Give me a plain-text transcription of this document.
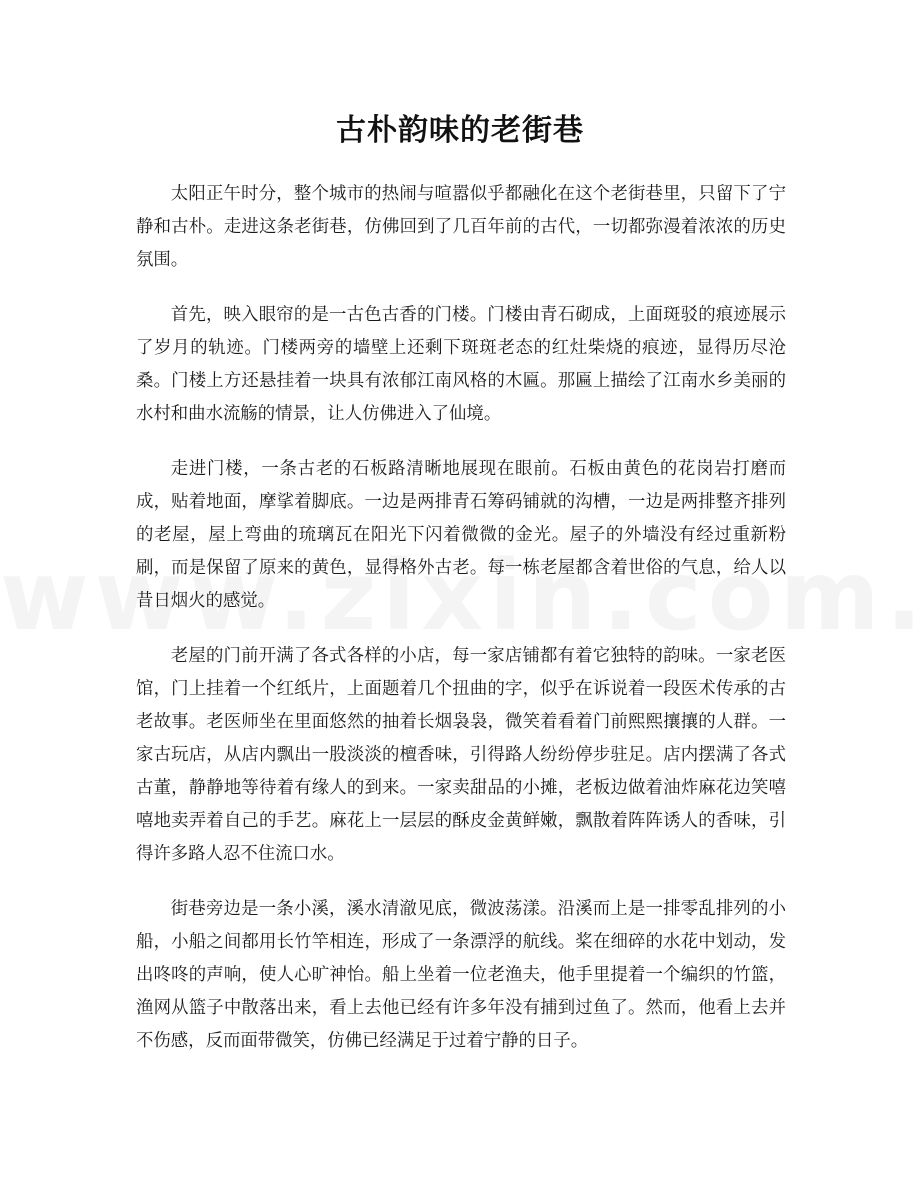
古朴韵味的老街巷

太阳正午时分，整个城市的热闹与喧嚣似乎都融化在这个老街巷里，只留下了宁静和古朴。走进这条老街巷，仿佛回到了几百年前的古代，一切都弥漫着浓浓的历史氛围。

首先，映入眼帘的是一古色古香的门楼。门楼由青石砌成，上面斑驳的痕迹展示了岁月的轨迹。门楼两旁的墙壁上还剩下斑斑老态的红灶柴烧的痕迹，显得历尽沧桑。门楼上方还悬挂着一块具有浓郁江南风格的木匾。那匾上描绘了江南水乡美丽的水村和曲水流觞的情景，让人仿佛进入了仙境。

走进门楼，一条古老的石板路清晰地展现在眼前。石板由黄色的花岗岩打磨而成，贴着地面，摩挲着脚底。一边是两排青石筹码铺就的沟槽，一边是两排整齐排列的老屋，屋上弯曲的琉璃瓦在阳光下闪着微微的金光。屋子的外墙没有经过重新粉刷，而是保留了原来的黄色，显得格外古老。每一栋老屋都含着世俗的气息，给人以昔日烟火的感觉。

老屋的门前开满了各式各样的小店，每一家店铺都有着它独特的韵味。一家老医馆，门上挂着一个红纸片，上面题着几个扭曲的字，似乎在诉说着一段医术传承的古老故事。老医师坐在里面悠然的抽着长烟袅袅，微笑着看着门前熙熙攘攘的人群。一家古玩店，从店内飘出一股淡淡的檀香味，引得路人纷纷停步驻足。店内摆满了各式古董，静静地等待着有缘人的到来。一家卖甜品的小摊，老板边做着油炸麻花边笑嘻嘻地卖弄着自己的手艺。麻花上一层层的酥皮金黄鲜嫩，飘散着阵阵诱人的香味，引得许多路人忍不住流口水。

街巷旁边是一条小溪，溪水清澈见底，微波荡漾。沿溪而上是一排零乱排列的小船，小船之间都用长竹竿相连，形成了一条漂浮的航线。桨在细碎的水花中划动，发出咚咚的声响，使人心旷神怡。船上坐着一位老渔夫，他手里提着一个编织的竹篮，渔网从篮子中散落出来，看上去他已经有许多年没有捕到过鱼了。然而，他看上去并不伤感，反而面带微笑，仿佛已经满足于过着宁静的日子。
